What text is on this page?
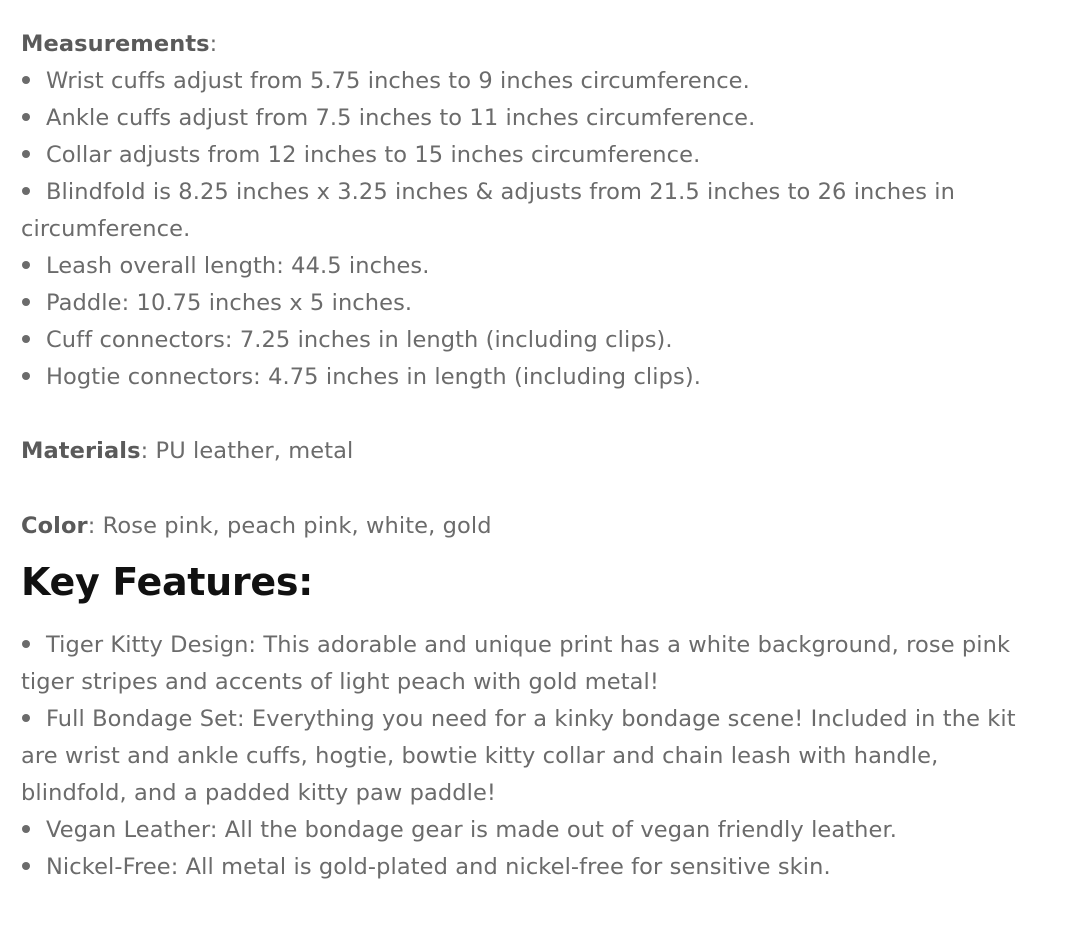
Measurements:

Wrist cuffs adjust from 5.75 inches to 9 inches circumference.
Ankle cuffs adjust from 7.5 inches to 11 inches circumference.
Collar adjusts from 12 inches to 15 inches circumference.
Blindfold is 8.25 inches x 3.25 inches & adjusts from 21.5 inches to 26 inches in circumference.
Leash overall length: 44.5 inches.
Paddle: 10.75 inches x 5 inches.
Cuff connectors: 7.25 inches in length (including clips).
Hogtie connectors: 4.75 inches in length (including clips).

Materials: PU leather, metal

Color: Rose pink, peach pink, white, gold

Key Features:
Tiger Kitty Design: This adorable and unique print has a white background, rose pink tiger stripes and accents of light peach with gold metal!
Full Bondage Set: Everything you need for a kinky bondage scene! Included in the kit are wrist and ankle cuffs, hogtie, bowtie kitty collar and chain leash with handle, blindfold, and a padded kitty paw paddle!
Vegan Leather: All the bondage gear is made out of vegan friendly leather.
Nickel-Free: All metal is gold-plated and nickel-free for sensitive skin.
